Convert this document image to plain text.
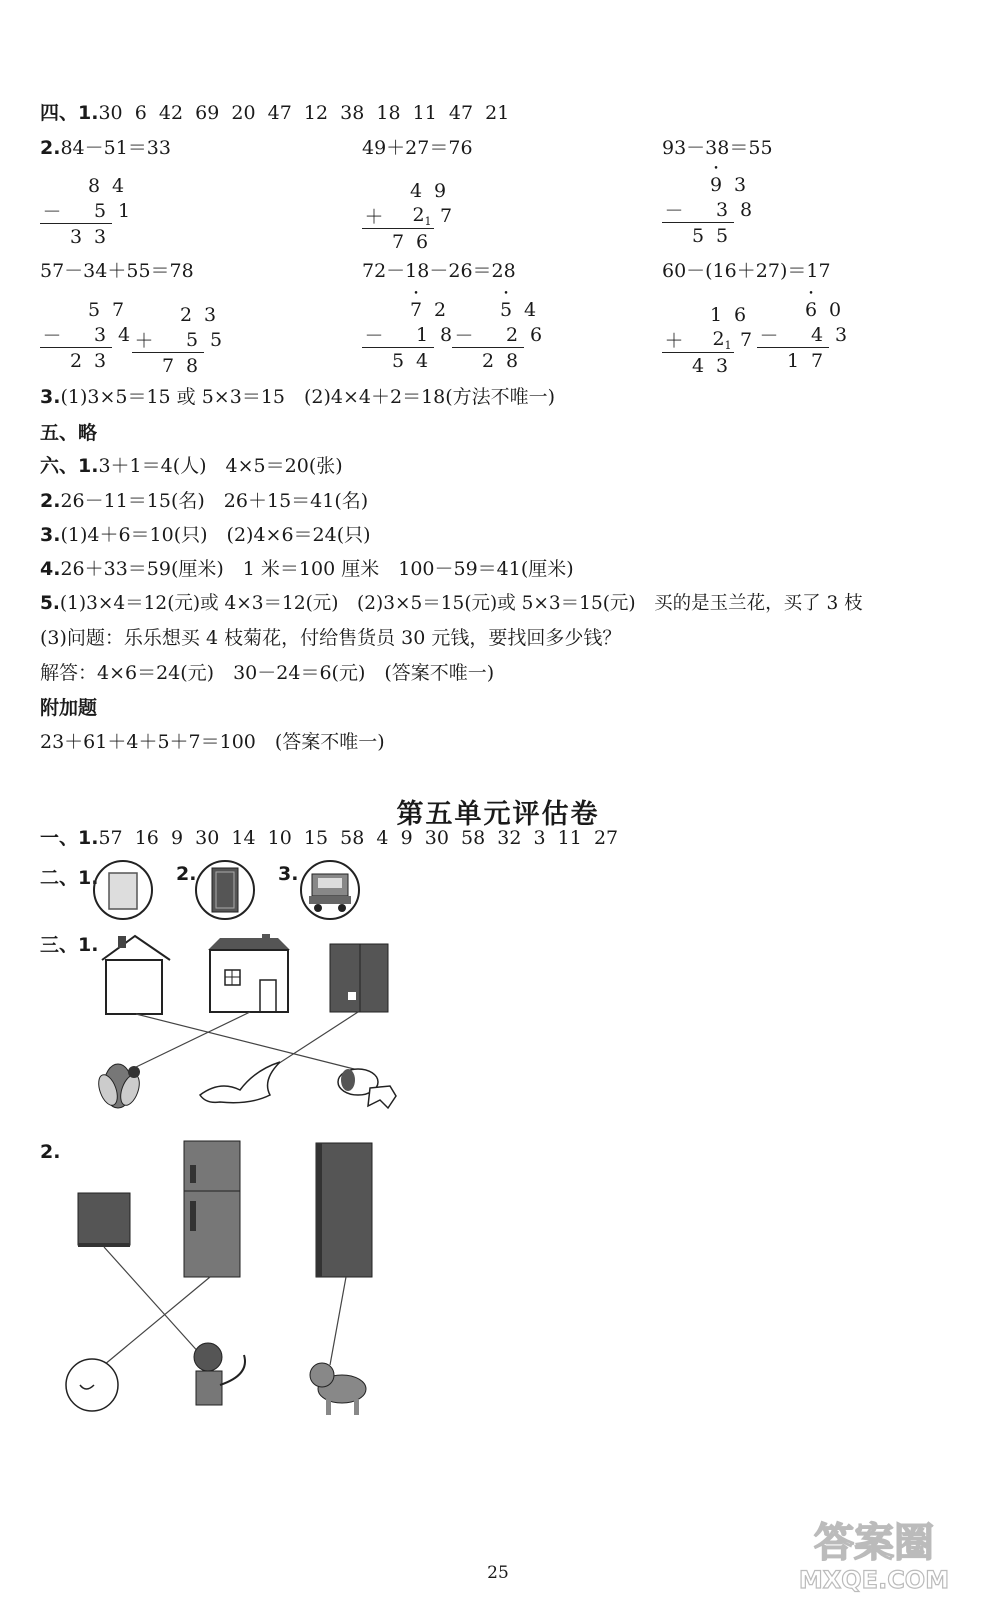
四、1.30  6  42  69  20  47  12  38  18  11  47  21
2.84－51＝33	49＋27＝76	93－38＝55
8 4
－	5 1
3 3
4 9
＋ $2_1$ 7
7 6
• 9 3
－	3 8
5 5
57－34＋55＝78	72－18－26＝28	60－(16＋27)＝17
5 7
－	3 4
2 3
2 3
＋	5 5
7 8
• 7 2
－	1 8
5 4
• 5 4
－	2 6
2 8
1 6
＋ $2_1$ 7
4 3
• 6 0
－	4 3
1 7
3.(1)3×5＝15 或 5×3＝15　(2)4×4＋2＝18(方法不唯一)
五、略
六、1.3＋1＝4(人)　4×5＝20(张)
2.26－11＝15(名)　26＋15＝41(名)
3.(1)4＋6＝10(只)　(2)4×6＝24(只)
4.26＋33＝59(厘米)　1 米＝100 厘米　100－59＝41(厘米)
5.(1)3×4＝12(元)或 4×3＝12(元)　(2)3×5＝15(元)或 5×3＝15(元)　买的是玉兰花，买了 3 枝
(3)问题：乐乐想买 4 枝菊花，付给售货员 30 元钱，要找回多少钱？
解答：4×6＝24(元)　30－24＝6(元)　(答案不唯一)
附加题
23＋61＋4＋5＋7＝100　(答案不唯一)
第五单元评估卷
一、1.57  16  9  30  14  10  15  58  4  9  30  58  32  3  11  27
二、1.	2.	3.
三、1.
2.
25
答案圈
MXQE.COM
